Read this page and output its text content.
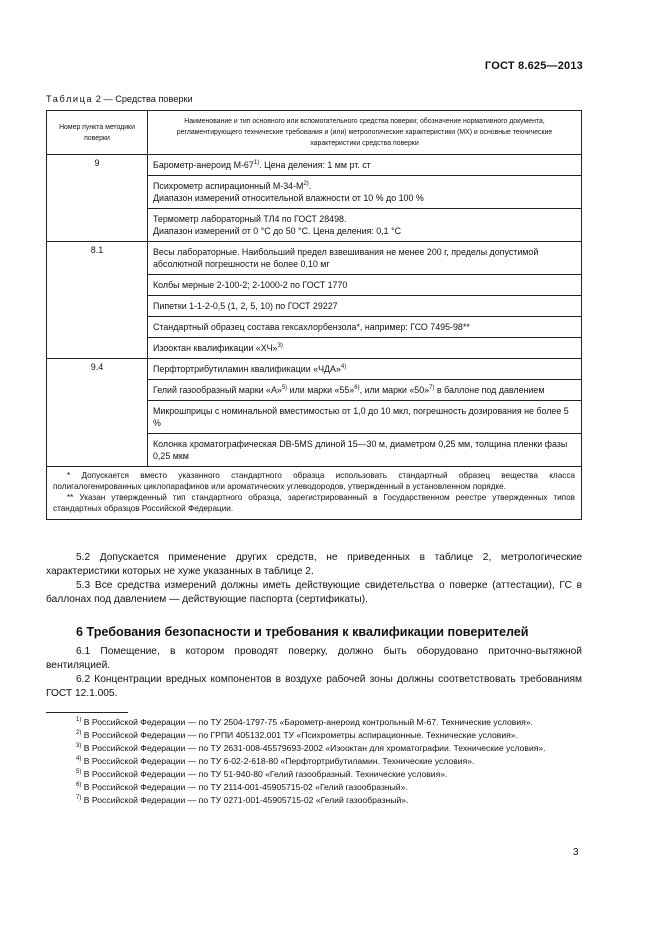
ГОСТ 8.625—2013
Таблица 2 — Средства поверки
Номер пункта методики поверки	Наименование и тип основного или вспомогательного средства поверки; обозначение нормативного документа, регламентирующего технические требования и (или) метрологические характеристики (МХ) и основные технические характеристики средства поверки
9	Барометр-анероид М-67$^{1)}$. Цена деления: 1 мм рт. ст
	Психрометр аспирационный $М-34-М^{2)}$.
Диапазон измерений относительной влажности от 10 % до 100 %
	Термометр лабораторный ТЛ4 по ГОСТ 28498.
Диапазон измерений от 0 °C до 50 °C. Цена деления: 0,1 °C
8.1	Весы лабораторные. Наибольший предел взвешивания не менее 200 г, пределы допустимой абсолютной погрешности не более 0,10 мг
	Колбы мерные 2-100-2; 2-1000-2 по ГОСТ 1770
	Пипетки 1-1-2-0,5 (1, 2, 5, 10) по ГОСТ 29227
	Стандартный образец состава гексахлорбензола*, например: ГСО 7495-98**
	Изооктан квалификации «ХЧ»$^{3)}$
9.4	Перфтортрибутиламин квалификации «ЧДА»$^{4)}$
	Гелий газообразный марки «А»$^{5)}$ или марки «55»$^{6)}$, или марки «50»$^{7)}$ в баллоне под давлением
	Микрошприцы с номинальной вместимостью от 1,0 до 10 мкл, погрешность дозирования не более 5 %
	Колонка хроматографическая DB-5MS длиной 15—30 м, диаметром 0,25 мм, толщина пленки фазы 0,25 мкм

* Допускается вместо указанного стандартного образца использовать стандартный образец вещества класса полигалогенированных циклопарафинов или ароматических углеводородов, утвержденный в установленном порядке.

** Указан утвержденный тип стандартного образца, зарегистрированный в Государственном реестре утвержденных типов стандартных образцов Российской Федерации.	

5.2 Допускается применение других средств, не приведенных в таблице 2, метрологические характеристики которых не хуже указанных в таблице 2.

5.3 Все средства измерений должны иметь действующие свидетельства о поверке (аттестации), ГС в баллонах под давлением — действующие паспорта (сертификаты).

6 Требования безопасности и требования к квалификации поверителей

6.1 Помещение, в котором проводят поверку, должно быть оборудовано приточно-вытяжной вентиляцией.

6.2 Концентрации вредных компонентов в воздухе рабочей зоны должны соответствовать требованиям ГОСТ 12.1.005.

$^{1)}$ В Российской Федерации — по ТУ 2504-1797-75 «Барометр-анероид контрольный М-67. Технические условия».

$^{2)}$ В Российской Федерации — по ГРПИ 405132.001 ТУ «Психрометры аспирационные. Технические условия».

$^{3)}$ В Российской Федерации — по ТУ 2631-008-45579693-2002 «Изооктан для хроматографии. Технические условия».

$^{4)}$ В Российской Федерации — по ТУ 6-02-2-618-80 «Перфтортрибутиламин. Технические условия».

$^{5)}$ В Российской Федерации — по ТУ 51-940-80 «Гелий газообразный. Технические условия».

$^{6)}$ В Российской Федерации — по ТУ 2114-001-45905715-02 «Гелий газообразный».

$^{7)}$ В Российской Федерации — по ТУ 0271-001-45905715-02 «Гелий газообразный».

3
